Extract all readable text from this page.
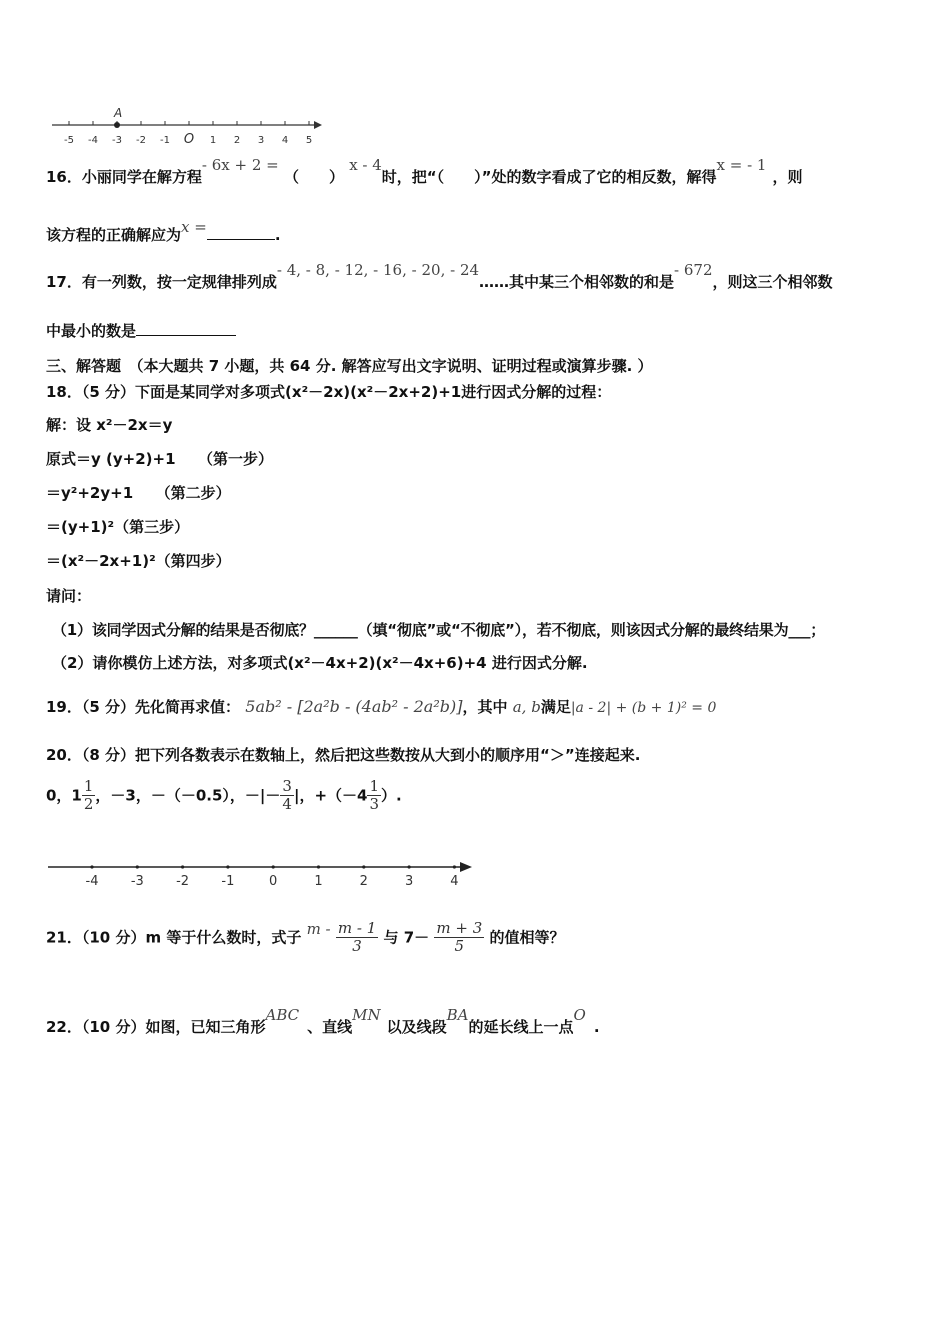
-5 -4 -3 -2 -1 O 1 2 3 4 5
A
16．小丽同学在解方程- 6x + 2 = （　　） x - 4时，把“（　　）”处的数字看成了它的相反数，解得x = - 1，则
该方程的正确解应为x =	.
17．有一列数，按一定规律排列成- 4, - 8, - 12, - 16, - 20, - 24……其中某三个相邻数的和是- 672，则这三个相邻数
中最小的数是
三、解答题　（本大题共 7 小题，共 64 分. 解答应写出文字说明、证明过程或演算步骤. ）
18．（5 分）下面是某同学对多项式(x²－2x)(x²－2x+2)+1进行因式分解的过程：
解：设 x²－2x＝y
原式＝y (y+2)+1　　（第一步）
＝y²+2y+1　　（第二步）
＝(y+1)²（第三步）
＝(x²－2x+1)²（第四步）
请问：
（1）该同学因式分解的结果是否彻底？______（填“彻底”或“不彻底”），若不彻底，则该因式分解的最终结果为___；
（2）请你模仿上述方法，对多项式(x²－4x+2)(x²－4x+6)+4 进行因式分解.
19．（5 分）先化简再求值： 5ab² - [2a²b - (4ab² - 2a²b)]，其中 a, b满足|a - 2| + (b + 1)² = 0
20．（8 分）把下列各数表示在数轴上，然后把这些数按从大到小的顺序用“＞”连接起来.
0，$1 \frac{1}{2}$ ，－3，－（－0.5），－|－ $\frac{3}{4}$ |，$+(-4 \frac{1}{3}$ ）.
-4 -3 -2 -1	0	1	2	3	4
21．（10 分）m 等于什么数时，式子 m - $\frac{m - 1}{3}$ 与 $7- \frac{m + 3}{5}$ 的值相等？
22．（10 分）如图，已知三角形ABC、直线MN以及线段BA的延长线上一点O.
